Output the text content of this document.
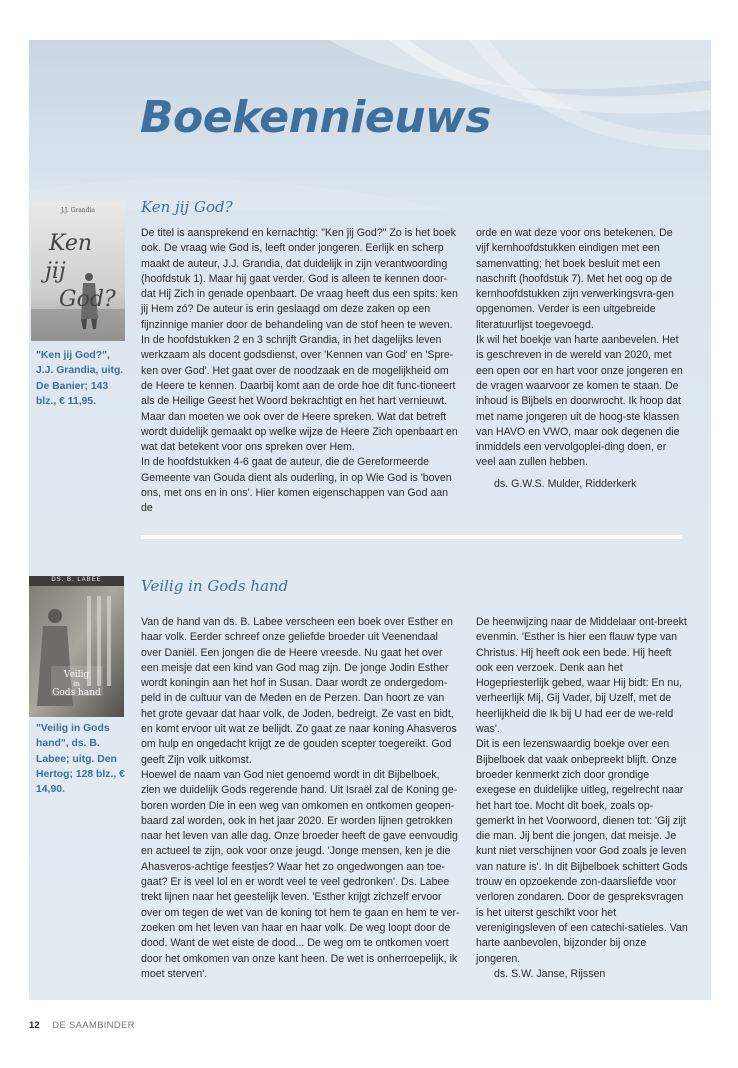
Boekennieuws
Ken jij God?
J.J. Grandia
Ken
jij
God?
"Ken jij God?", J.J. Grandia, uitg. De Banier; 143 blz., € 11,95.

De titel is aansprekend en kernachtig: "Ken jij God?" Zo is het boek ook. De vraag wie God is, leeft onder jongeren. Eerlijk en scherp maakt de auteur, J.J. Grandia, dat duidelijk in zijn verantwoording (hoofdstuk 1). Maar hij gaat verder. God is alleen te kennen door-dat Hij Zich in genade openbaart. De vraag heeft dus een spits: ken jij Hem zó? De auteur is erin geslaagd om deze zaken op een fijnzinnige manier door de behandeling van de stof heen te weven.

In de hoofdstukken 2 en 3 schrijft Grandia, in het dagelijks leven werkzaam als docent godsdienst, over 'Kennen van God' en 'Spre-ken over God'. Het gaat over de noodzaak en de mogelijkheid om de Heere te kennen. Daarbij komt aan de orde hoe dit func-tioneert als de Heilige Geest het Woord bekrachtigt en het hart vernieuwt. Maar dan moeten we ook over de Heere spreken. Wat dat betreft wordt duidelijk gemaakt op welke wijze de Heere Zich openbaart en wat dat betekent voor ons spreken over Hem.

In de hoofdstukken 4-6 gaat de auteur, die de Gereformeerde Gemeente van Gouda dient als ouderling, in op Wie God is 'boven ons, met ons en in ons'. Hier komen eigenschappen van God aan de

orde en wat deze voor ons betekenen. De vijf kernhoofdstukken eindigen met een samenvatting; het boek besluit met een naschrift (hoofdstuk 7). Met het oog op de kernhoofdstukken zijn verwerkingsvra-gen opgenomen. Verder is een uitgebreide literatuurlijst toegevoegd.

Ik wil het boekje van harte aanbevelen. Het is geschreven in de wereld van 2020, met een open oor en hart voor onze jongeren en de vragen waarvoor ze komen te staan. De inhoud is Bijbels en doorwrocht. Ik hoop dat met name jongeren uit de hoog-ste klassen van HAVO en VWO, maar ook degenen die inmiddels een vervolgoplei-ding doen, er veel aan zullen hebben.

ds. G.W.S. Mulder, Ridderkerk

Veilig in Gods hand
DS. B. LABEE
Veilig
in
Gods hand
"Veilig in Gods hand", ds. B. Labee; uitg. Den Hertog; 128 blz., € 14,90.

Van de hand van ds. B. Labee verscheen een boek over Esther en haar volk. Eerder schreef onze geliefde broeder uit Veenendaal over Daniël. Een jongen die de Heere vreesde. Nu gaat het over een meisje dat een kind van God mag zijn. De jonge Jodin Esther wordt koningin aan het hof in Susan. Daar wordt ze ondergedom-peld in de cultuur van de Meden en de Perzen. Dan hoort ze van het grote gevaar dat haar volk, de Joden, bedreigt. Ze vast en bidt, en komt ervoor uit wat ze belijdt. Zo gaat ze naar koning Ahasveros om hulp en ongedacht krijgt ze de gouden scepter toegereikt. God geeft Zijn volk uitkomst.

Hoewel de naam van God niet genoemd wordt in dit Bijbelboek, zien we duidelijk Gods regerende hand. Uit Israël zal de Koning ge-boren worden Die in een weg van omkomen en ontkomen geopen-baard zal worden, ook in het jaar 2020. Er worden lijnen getrokken naar het leven van alle dag. Onze broeder heeft de gave eenvoudig en actueel te zijn, ook voor onze jeugd. 'Jonge mensen, ken je die Ahasveros-achtige feestjes? Waar het zo ongedwongen aan toe-gaat? Er is veel lol en er wordt veel te veel gedronken'. Ds. Labee trekt lijnen naar het geestelijk leven. 'Esther krijgt zichzelf ervoor over om tegen de wet van de koning tot hem te gaan en hem te ver-zoeken om het leven van haar en haar volk. De weg loopt door de dood. Want de wet eiste de dood... De weg om te ontkomen voert door het omkomen van onze kant heen. De wet is onherroepelijk, ik moet sterven'.

De heenwijzing naar de Middelaar ont-breekt evenmin. 'Esther is hier een flauw type van Christus. Hij heeft ook een bede. Hij heeft ook een verzoek. Denk aan het Hogepriesterlijk gebed, waar Hij bidt: En nu, verheerlijk Mij, Gij Vader, bij Uzelf, met de heerlijkheid die Ik bij U had eer de we-reld was'.

Dit is een lezenswaardig boekje over een Bijbelboek dat vaak onbepreekt blijft. Onze broeder kenmerkt zich door grondige exegese en duidelijke uitleg, regelrecht naar het hart toe. Mocht dit boek, zoals op-gemerkt in het Voorwoord, dienen tot: 'Gij zijt die man. Jij bent die jongen, dat meisje. Je kunt niet verschijnen voor God zoals je leven van nature is'. In dit Bijbelboek schittert Gods trouw en opzoekende zon-daarsliefde voor verloren zondaren. Door de gespreksvragen is het uiterst geschikt voor het verenigingsleven of een catechi-satieles. Van harte aanbevolen, bijzonder bij onze jongeren.

ds. S.W. Janse, Rijssen

12 DE SAAMBINDER
